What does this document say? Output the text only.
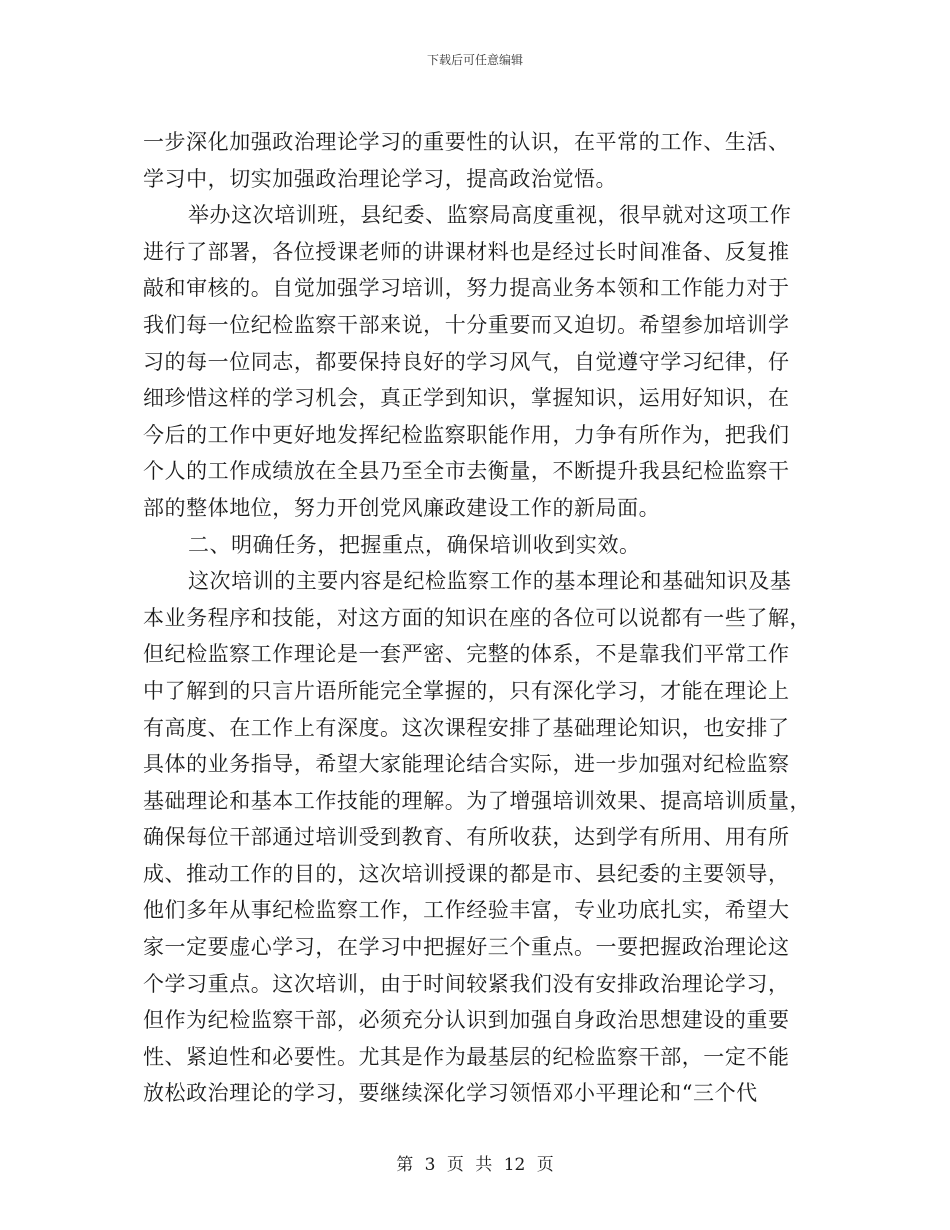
下载后可任意编辑
一步深化加强政治理论学习的重要性的认识，在平常的工作、生活、
学习中，切实加强政治理论学习，提高政治觉悟。
举办这次培训班，县纪委、监察局高度重视，很早就对这项工作
进行了部署，各位授课老师的讲课材料也是经过长时间准备、反复推
敲和审核的。自觉加强学习培训，努力提高业务本领和工作能力对于
我们每一位纪检监察干部来说，十分重要而又迫切。希望参加培训学
习的每一位同志，都要保持良好的学习风气，自觉遵守学习纪律，仔
细珍惜这样的学习机会，真正学到知识，掌握知识，运用好知识，在
今后的工作中更好地发挥纪检监察职能作用，力争有所作为，把我们
个人的工作成绩放在全县乃至全市去衡量，不断提升我县纪检监察干
部的整体地位，努力开创党风廉政建设工作的新局面。
二、明确任务，把握重点，确保培训收到实效。
这次培训的主要内容是纪检监察工作的基本理论和基础知识及基
本业务程序和技能，对这方面的知识在座的各位可以说都有一些了解，
但纪检监察工作理论是一套严密、完整的体系，不是靠我们平常工作
中了解到的只言片语所能完全掌握的，只有深化学习，才能在理论上
有高度、在工作上有深度。这次课程安排了基础理论知识，也安排了
具体的业务指导，希望大家能理论结合实际，进一步加强对纪检监察
基础理论和基本工作技能的理解。为了增强培训效果、提高培训质量，
确保每位干部通过培训受到教育、有所收获，达到学有所用、用有所
成、推动工作的目的，这次培训授课的都是市、县纪委的主要领导，
他们多年从事纪检监察工作，工作经验丰富，专业功底扎实，希望大
家一定要虚心学习，在学习中把握好三个重点。一要把握政治理论这
个学习重点。这次培训，由于时间较紧我们没有安排政治理论学习，
但作为纪检监察干部，必须充分认识到加强自身政治思想建设的重要
性、紧迫性和必要性。尤其是作为最基层的纪检监察干部，一定不能
放松政治理论的学习，要继续深化学习领悟邓小平理论和“三个代
第 3 页 共 12 页
